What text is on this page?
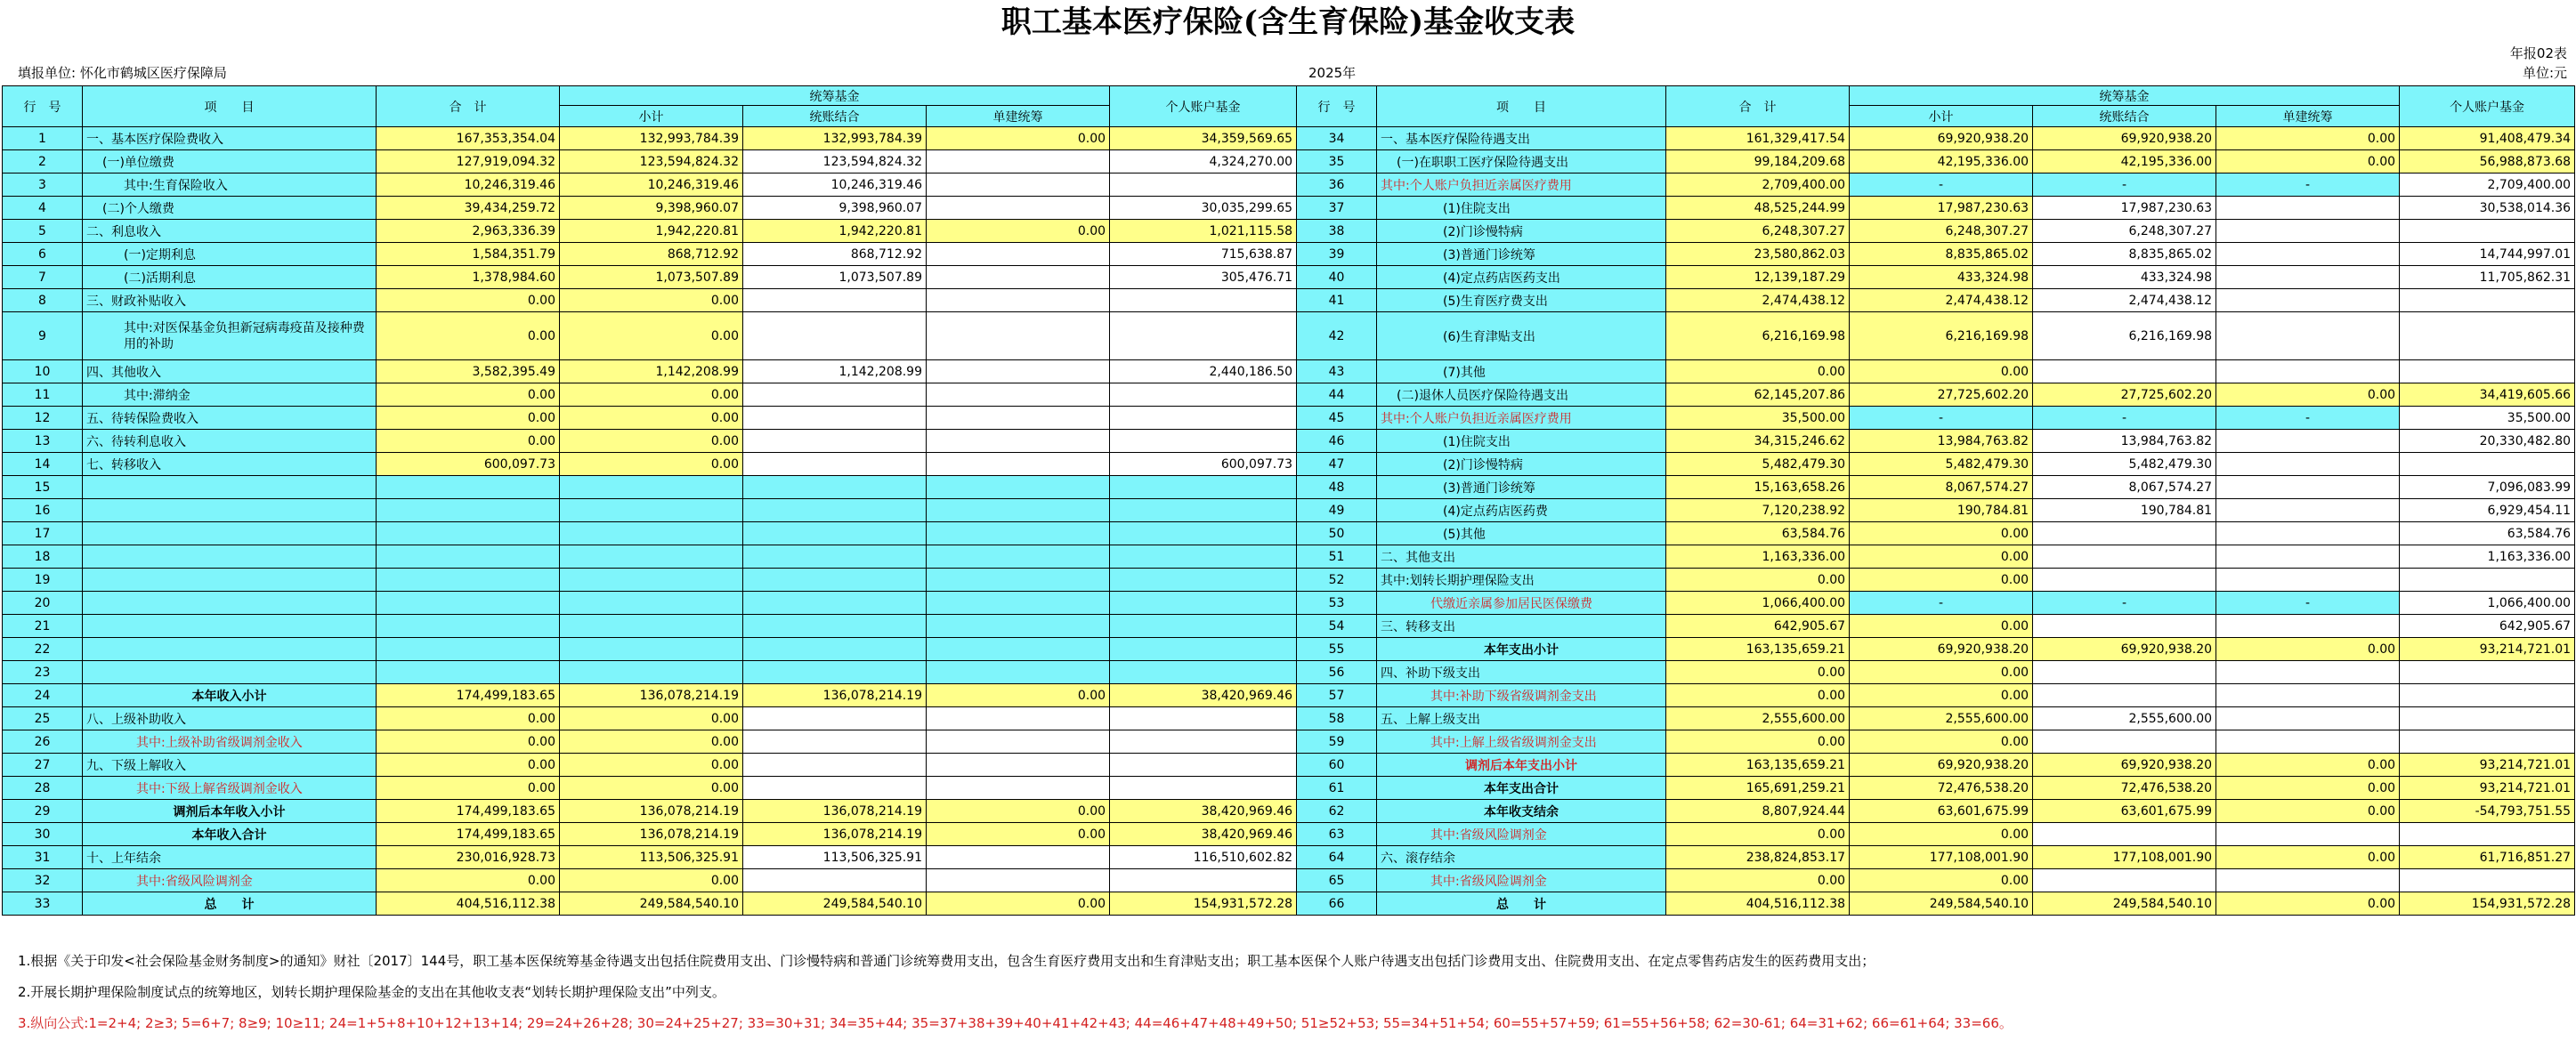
职工基本医疗保险(含生育保险)基金收支表
年报02表
填报单位: 怀化市鹤城区医疗保障局	2025年	单位:元
行　号	项　　目	合　计	统筹基金			个人账户基金	行　号	项　　目	合　计	统筹基金			个人账户基金
			小计	统账结合	单建统筹					小计	统账结合	单建统筹	
1	一、基本医疗保险费收入	167,353,354.04	132,993,784.39	132,993,784.39	0.00	34,359,569.65	34	一、基本医疗保险待遇支出	161,329,417.54	69,920,938.20	69,920,938.20	0.00	91,408,479.34
2	(一)单位缴费	127,919,094.32	123,594,824.32	123,594,824.32		4,324,270.00	35	(一)在职职工医疗保险待遇支出	99,184,209.68	42,195,336.00	42,195,336.00	0.00	56,988,873.68
3	其中:生育保险收入	10,246,319.46	10,246,319.46	10,246,319.46			36	其中:个人账户负担近亲属医疗费用	2,709,400.00	-	-	-	2,709,400.00
4	(二)个人缴费	39,434,259.72	9,398,960.07	9,398,960.07		30,035,299.65	37	(1)住院支出	48,525,244.99	17,987,230.63	17,987,230.63		30,538,014.36
5	二、利息收入	2,963,336.39	1,942,220.81	1,942,220.81	0.00	1,021,115.58	38	(2)门诊慢特病	6,248,307.27	6,248,307.27	6,248,307.27		
6	(一)定期利息	1,584,351.79	868,712.92	868,712.92		715,638.87	39	(3)普通门诊统筹	23,580,862.03	8,835,865.02	8,835,865.02		14,744,997.01
7	(二)活期利息	1,378,984.60	1,073,507.89	1,073,507.89		305,476.71	40	(4)定点药店医药支出	12,139,187.29	433,324.98	433,324.98		11,705,862.31
8	三、财政补贴收入	0.00	0.00				41	(5)生育医疗费支出	2,474,438.12	2,474,438.12	2,474,438.12		
9	其中:对医保基金负担新冠病毒疫苗及接种费用的补助	0.00	0.00				42	(6)生育津贴支出	6,216,169.98	6,216,169.98	6,216,169.98		
10	四、其他收入	3,582,395.49	1,142,208.99	1,142,208.99		2,440,186.50	43	(7)其他	0.00	0.00			
11	其中:滞纳金	0.00	0.00				44	(二)退休人员医疗保险待遇支出	62,145,207.86	27,725,602.20	27,725,602.20	0.00	34,419,605.66
12	五、待转保险费收入	0.00	0.00				45	其中:个人账户负担近亲属医疗费用	35,500.00	-	-	-	35,500.00
13	六、待转利息收入	0.00	0.00				46	(1)住院支出	34,315,246.62	13,984,763.82	13,984,763.82		20,330,482.80
14	七、转移收入	600,097.73	0.00			600,097.73	47	(2)门诊慢特病	5,482,479.30	5,482,479.30	5,482,479.30		
15							48	(3)普通门诊统筹	15,163,658.26	8,067,574.27	8,067,574.27		7,096,083.99
16							49	(4)定点药店医药费	7,120,238.92	190,784.81	190,784.81		6,929,454.11
17							50	(5)其他	63,584.76	0.00			63,584.76
18							51	二、其他支出	1,163,336.00	0.00			1,163,336.00
19							52	其中:划转长期护理保险支出	0.00	0.00			
20							53	代缴近亲属参加居民医保缴费	1,066,400.00	-	-	-	1,066,400.00
21							54	三、转移支出	642,905.67	0.00			642,905.67
22							55	本年支出小计	163,135,659.21	69,920,938.20	69,920,938.20	0.00	93,214,721.01
23							56	四、补助下级支出	0.00	0.00			
24	本年收入小计	174,499,183.65	136,078,214.19	136,078,214.19	0.00	38,420,969.46	57	其中:补助下级省级调剂金支出	0.00	0.00			
25	八、上级补助收入	0.00	0.00				58	五、上解上级支出	2,555,600.00	2,555,600.00	2,555,600.00		
26	其中:上级补助省级调剂金收入	0.00	0.00				59	其中:上解上级省级调剂金支出	0.00	0.00			
27	九、下级上解收入	0.00	0.00				60	调剂后本年支出小计	163,135,659.21	69,920,938.20	69,920,938.20	0.00	93,214,721.01
28	其中:下级上解省级调剂金收入	0.00	0.00				61	本年支出合计	165,691,259.21	72,476,538.20	72,476,538.20	0.00	93,214,721.01
29	调剂后本年收入小计	174,499,183.65	136,078,214.19	136,078,214.19	0.00	38,420,969.46	62	本年收支结余	8,807,924.44	63,601,675.99	63,601,675.99	0.00	-54,793,751.55
30	本年收入合计	174,499,183.65	136,078,214.19	136,078,214.19	0.00	38,420,969.46	63	其中:省级风险调剂金	0.00	0.00			
31	十、上年结余	230,016,928.73	113,506,325.91	113,506,325.91		116,510,602.82	64	六、滚存结余	238,824,853.17	177,108,001.90	177,108,001.90	0.00	61,716,851.27
32	其中:省级风险调剂金	0.00	0.00				65	其中:省级风险调剂金	0.00	0.00			
33	总　　计	404,516,112.38	249,584,540.10	249,584,540.10	0.00	154,931,572.28	66	总　　计	404,516,112.38	249,584,540.10	249,584,540.10	0.00	154,931,572.28
1.根据《关于印发<社会保险基金财务制度>的通知》财社〔2017〕144号，职工基本医保统筹基金待遇支出包括住院费用支出、门诊慢特病和普通门诊统筹费用支出，包含生育医疗费用支出和生育津贴支出；职工基本医保个人账户待遇支出包括门诊费用支出、住院费用支出、在定点零售药店发生的医药费用支出；
2.开展长期护理保险制度试点的统筹地区，划转长期护理保险基金的支出在其他收支表“划转长期护理保险支出”中列支。
3.纵向公式:1=2+4; 2≥3; 5=6+7; 8≥9; 10≥11; 24=1+5+8+10+12+13+14; 29=24+26+28; 30=24+25+27; 33=30+31; 34=35+44; 35=37+38+39+40+41+42+43; 44=46+47+48+49+50; 51≥52+53; 55=34+51+54; 60=55+57+59; 61=55+56+58; 62=30-61; 64=31+62; 66=61+64; 33=66。
